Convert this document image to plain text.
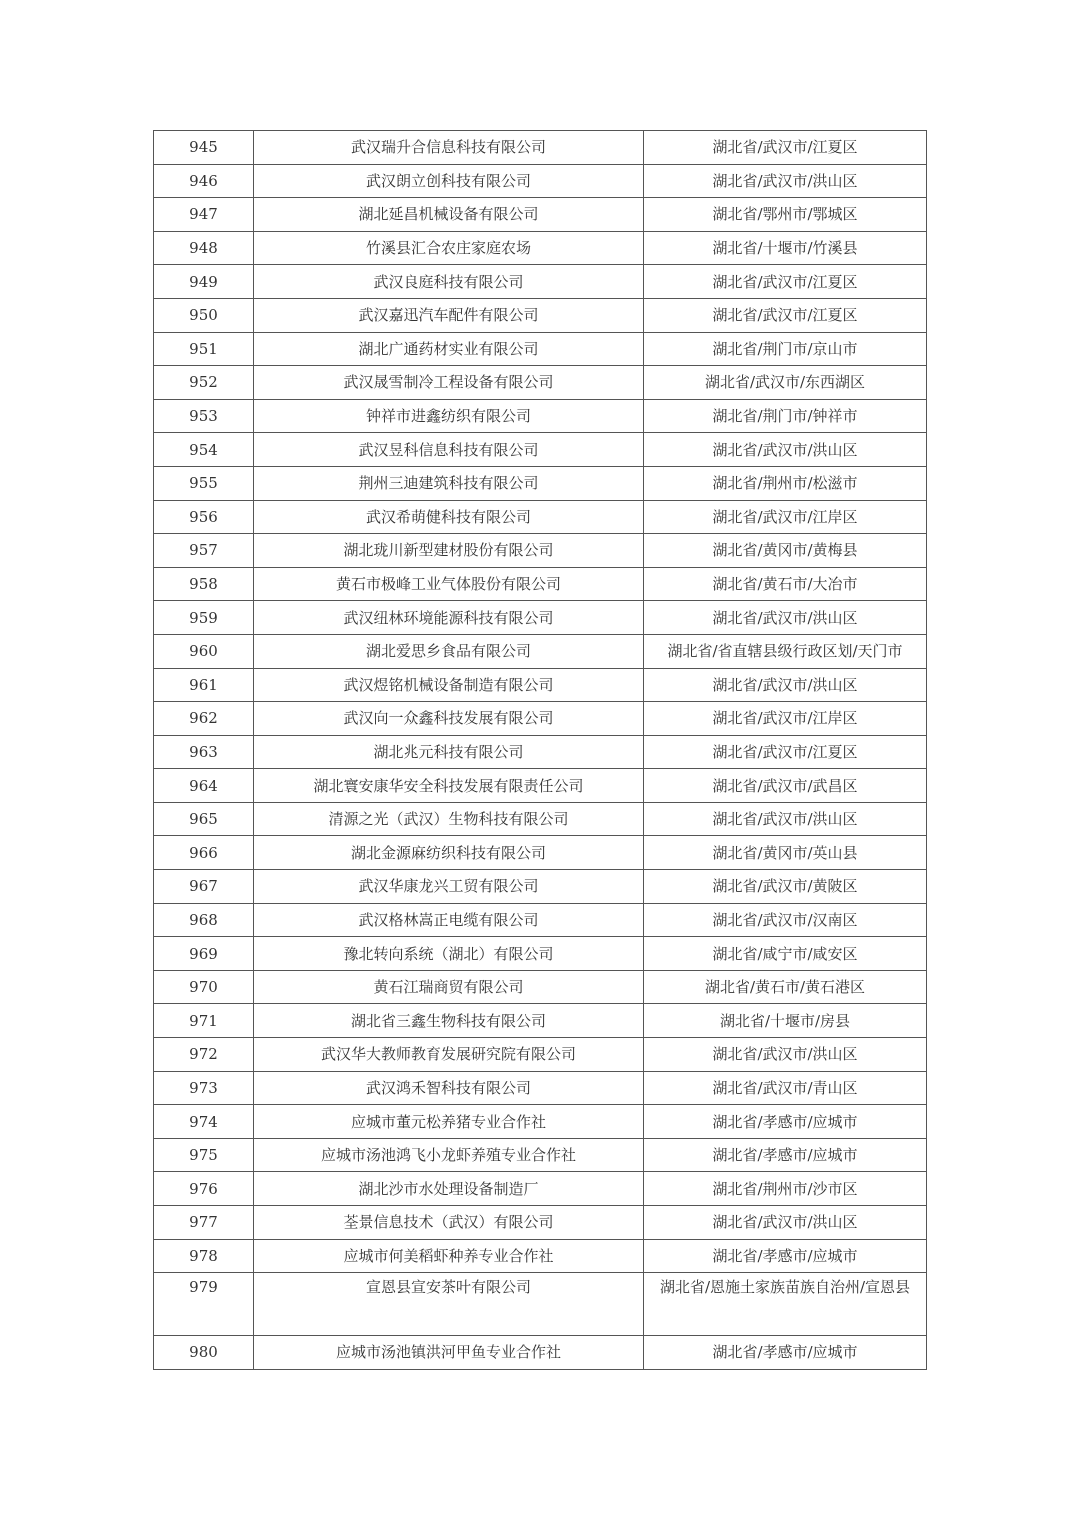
945	武汉瑞升合信息科技有限公司	湖北省/武汉市/江夏区
946	武汉朗立创科技有限公司	湖北省/武汉市/洪山区
947	湖北延昌机械设备有限公司	湖北省/鄂州市/鄂城区
948	竹溪县汇合农庄家庭农场	湖北省/十堰市/竹溪县
949	武汉良庭科技有限公司	湖北省/武汉市/江夏区
950	武汉嘉迅汽车配件有限公司	湖北省/武汉市/江夏区
951	湖北广通药材实业有限公司	湖北省/荆门市/京山市
952	武汉晟雪制冷工程设备有限公司	湖北省/武汉市/东西湖区
953	钟祥市进鑫纺织有限公司	湖北省/荆门市/钟祥市
954	武汉昱科信息科技有限公司	湖北省/武汉市/洪山区
955	荆州三迪建筑科技有限公司	湖北省/荆州市/松滋市
956	武汉希萌健科技有限公司	湖北省/武汉市/江岸区
957	湖北珑川新型建材股份有限公司	湖北省/黄冈市/黄梅县
958	黄石市极峰工业气体股份有限公司	湖北省/黄石市/大冶市
959	武汉纽林环境能源科技有限公司	湖北省/武汉市/洪山区
960	湖北爱思乡食品有限公司	湖北省/省直辖县级行政区划/天门市
961	武汉煜铭机械设备制造有限公司	湖北省/武汉市/洪山区
962	武汉向一众鑫科技发展有限公司	湖北省/武汉市/江岸区
963	湖北兆元科技有限公司	湖北省/武汉市/江夏区
964	湖北寰安康华安全科技发展有限责任公司	湖北省/武汉市/武昌区
965	清源之光（武汉）生物科技有限公司	湖北省/武汉市/洪山区
966	湖北金源麻纺织科技有限公司	湖北省/黄冈市/英山县
967	武汉华康龙兴工贸有限公司	湖北省/武汉市/黄陂区
968	武汉格林嵩正电缆有限公司	湖北省/武汉市/汉南区
969	豫北转向系统（湖北）有限公司	湖北省/咸宁市/咸安区
970	黄石江瑞商贸有限公司	湖北省/黄石市/黄石港区
971	湖北省三鑫生物科技有限公司	湖北省/十堰市/房县
972	武汉华大教师教育发展研究院有限公司	湖北省/武汉市/洪山区
973	武汉鸿禾智科技有限公司	湖北省/武汉市/青山区
974	应城市董元松养猪专业合作社	湖北省/孝感市/应城市
975	应城市汤池鸿飞小龙虾养殖专业合作社	湖北省/孝感市/应城市
976	湖北沙市水处理设备制造厂	湖北省/荆州市/沙市区
977	荃景信息技术（武汉）有限公司	湖北省/武汉市/洪山区
978	应城市何美稻虾种养专业合作社	湖北省/孝感市/应城市
979	宣恩县宣安茶叶有限公司	湖北省/恩施土家族苗族自治州/宣恩县
980	应城市汤池镇洪河甲鱼专业合作社	湖北省/孝感市/应城市
